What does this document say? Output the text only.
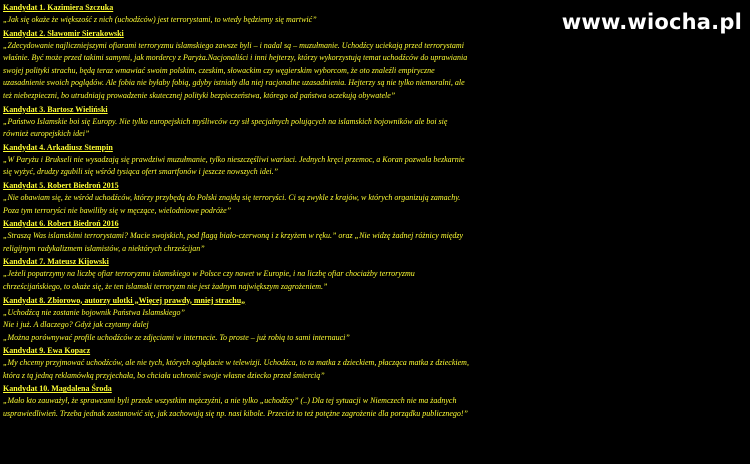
Kandydat 1. Kazimiera Szczuka
„Jak się okaże że większość z nich (uchodźców) jest terrorystami, to wtedy będziemy się martwić”
Kandydat 2. Sławomir Sierakowski
„Zdecydowanie najliczniejszymi ofiarami terroryzmu islamskiego zawsze byli – i nadal są – muzułmanie. Uchodźcy uciekają przed terrorystami
właśnie. Być może przed takimi samymi, jak mordercy z Paryża.Nacjonaliści i inni hejterzy, którzy wykorzystują temat uchodźców do uprawiania
swojej polityki strachu, będą teraz wmawiać swoim polskim, czeskim, słowackim czy węgierskim wyborcom, że oto znaleźli empiryczne
uzasadnienie swoich poglądów. Ale fobia nie byłaby fobią, gdyby istniały dla niej racjonalne uzasadnienia. Hejterzy są nie tylko niemoralni, ale
też niebezpieczni, bo utrudniają prowadzenie skutecznej polityki bezpieczeństwa, którego od państwa oczekują obywatele”
Kandydat 3. Bartosz Wieliński
„Państwo Islamskie boi się Europy. Nie tylko europejskich myśliwców czy sił specjalnych polujących na islamskich bojowników ale boi się
również europejskich idei”
Kandydat 4. Arkadiusz Stempin
„W Paryżu i Brukseli nie wysadzają się prawdziwi muzułmanie, tylko nieszczęśliwi wariaci. Jednych kręci przemoc, a Koran pozwala bezkarnie
się wyżyć, drudzy zgubili się wśród tysiąca ofert smartfonów i jeszcze nowszych idei.”
Kandydat 5. Robert Biedroń 2015
„Nie obawiam się, że wśród uchodźców, którzy przybędą do Polski znajdą się terroryści. Ci są zwykle z krajów, w których organizują zamachy.
Poza tym terroryści nie bawiliby się w męczące, wielodniowe podróże”
Kandydat 6. Robert Biedroń 2016
„Straszą Was islamskimi terrorystami? Macie swojskich, pod flagą biało-czerwoną i z krzyżem w ręku.” oraz „Nie widzę żadnej różnicy między
religijnym radykalizmem islamistów, a niektórych chrześcijan”
Kandydat 7. Mateusz Kijowski
„Jeżeli popatrzymy na liczbę ofiar terroryzmu islamskiego w Polsce czy nawet w Europie, i na liczbę ofiar chociażby terroryzmu
chrześcijańskiego, to okaże się, że ten islamski terroryzm nie jest żadnym największym zagrożeniem.”
Kandydat 8. Zbiorowo, autorzy ulotki „Więcej prawdy, mniej strachu„
„Uchodźcą nie zostanie bojownik Państwa Islamskiego”
Nie i już. A dlaczego? Gdyż jak czytamy dalej
„Można porównywać profile uchodźców ze zdjęciami w internecie. To proste – już robią to sami internauci”
Kandydat 9. Ewa Kopacz
„My chcemy przyjmować uchodźców, ale nie tych, których oglądacie w telewizji. Uchodźca, to ta matka z dzieckiem, płacząca matka z dzieckiem,
która z tą jedną reklamówką przyjechała, bo chciała uchronić swoje własne dziecko przed śmiercią”
Kandydat 10. Magdalena Środa
„Mało kto zauważył, że sprawcami byli przede wszystkim mężczyźni, a nie tylko „uchodźcy” (..) Dla tej sytuacji w Niemczech nie ma żadnych
usprawiedliwień. Trzeba jednak zastanowić się, jak zachowują się np. nasi kibole. Przecież to też potężne zagrożenie dla porządku publicznego!”
www.wiocha.pl
